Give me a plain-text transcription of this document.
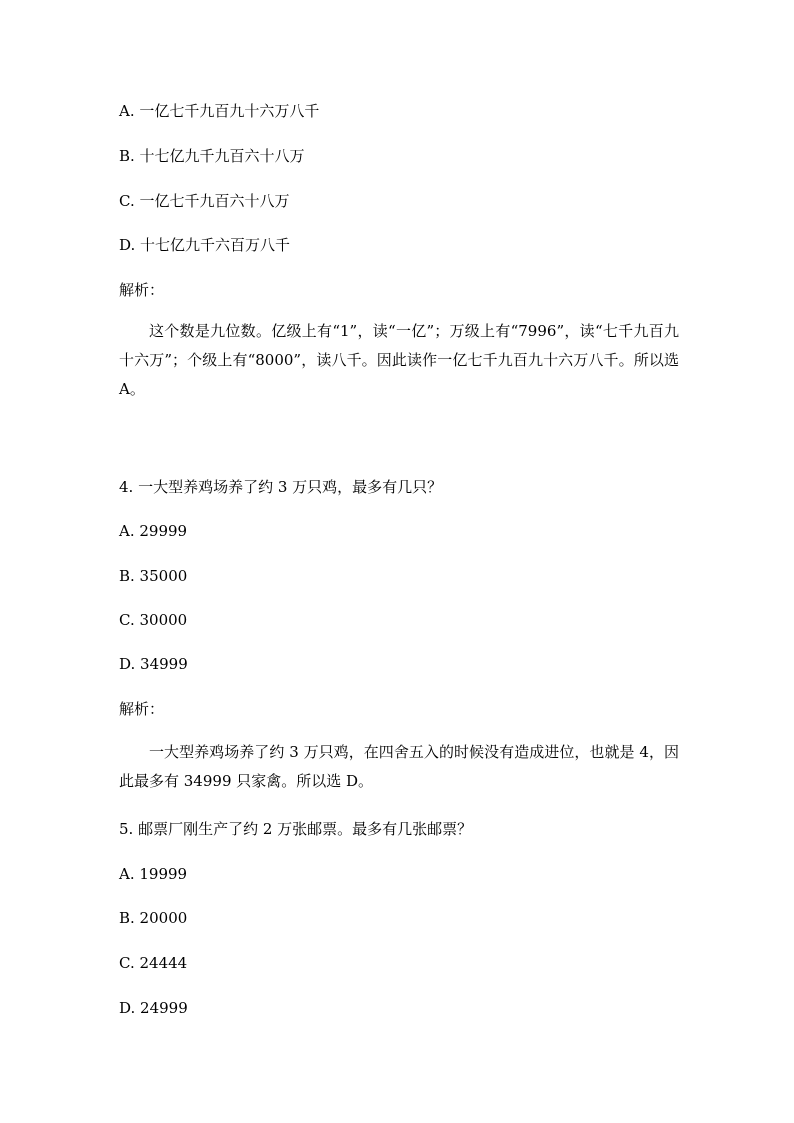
A. 一亿七千九百九十六万八千

B. 十七亿九千九百六十八万

C. 一亿七千九百六十八万

D. 十七亿九千六百万八千

解析：

这个数是九位数。亿级上有“1”，读“一亿”；万级上有“7996”，读“七千九百九十六万”；个级上有“8000”，读八千。因此读作一亿七千九百九十六万八千。所以选 A。

4. 一大型养鸡场养了约 3 万只鸡，最多有几只？

A. 29999

B. 35000

C. 30000

D. 34999

解析：

一大型养鸡场养了约 3 万只鸡，在四舍五入的时候没有造成进位，也就是 4，因此最多有 34999 只家禽。所以选 D。

5. 邮票厂刚生产了约 2 万张邮票。最多有几张邮票？

A. 19999

B. 20000

C. 24444

D. 24999
